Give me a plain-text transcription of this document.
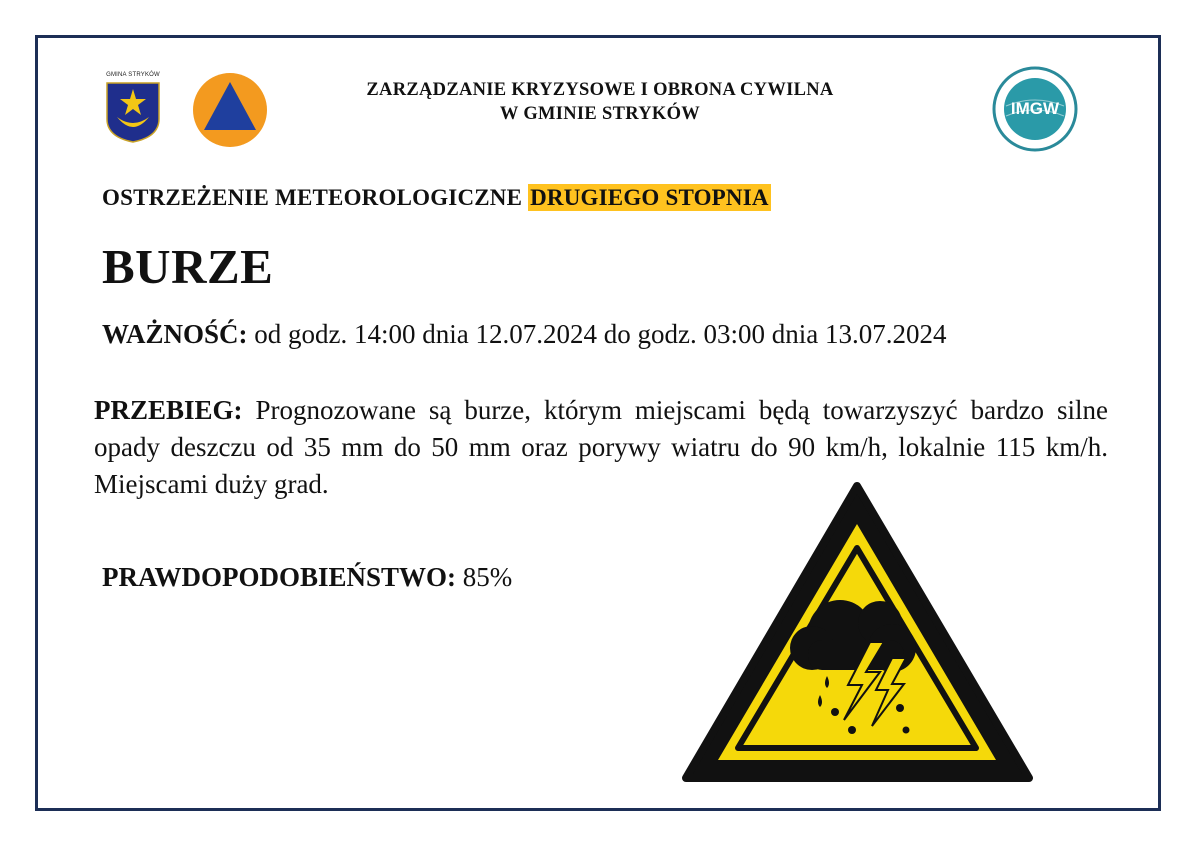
GMINA STRYKÓW
ZARZĄDZANIE KRYZYSOWE I OBRONA CYWILNA
W GMINIE STRYKÓW	IMGW
OSTRZEŻENIE METEOROLOGICZNE DRUGIEGO STOPNIA
BURZE
WAŻNOŚĆ: od godz. 14:00 dnia 12.07.2024 do godz. 03:00 dnia 13.07.2024
PRZEBIEG: Prognozowane są burze, którym miejscami będą towarzyszyć bardzo silne opady deszczu od 35 mm do 50 mm oraz porywy wiatru do 90 km/h, lokalnie 115 km/h. Miejscami duży grad.
PRAWDOPODOBIEŃSTWO: 85%
